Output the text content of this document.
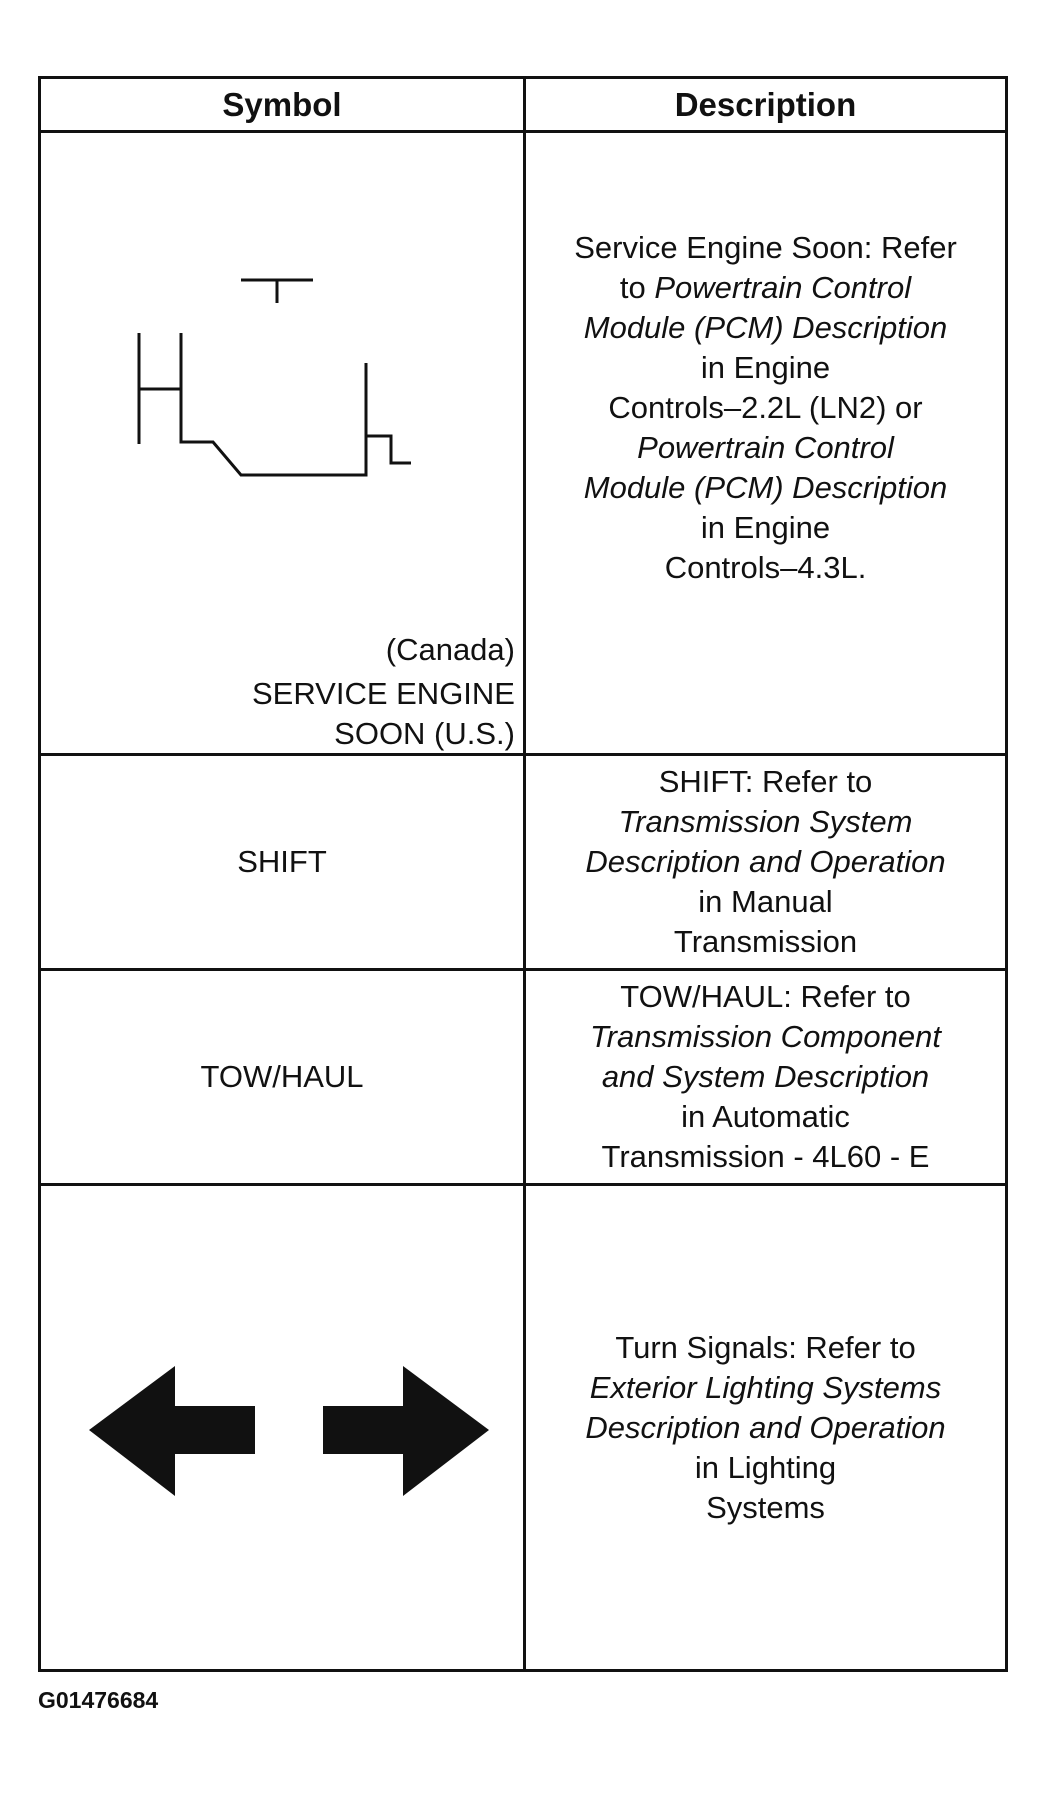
Symbol	Description
(Canada)
SERVICE ENGINE
SOON (U.S.)
Service Engine Soon: Refer
to Powertrain Control
Module (PCM) Description
in Engine
Controls–2.2L (LN2) or
Powertrain Control
Module (PCM) Description
in Engine
Controls–4.3L.
SHIFT
SHIFT: Refer to
Transmission System
Description and Operation
in Manual
Transmission
TOW/HAUL
TOW/HAUL: Refer to
Transmission Component
and System Description
in Automatic
Transmission - 4L60 - E
Turn Signals: Refer to
Exterior Lighting Systems
Description and Operation
in Lighting
Systems
G01476684
